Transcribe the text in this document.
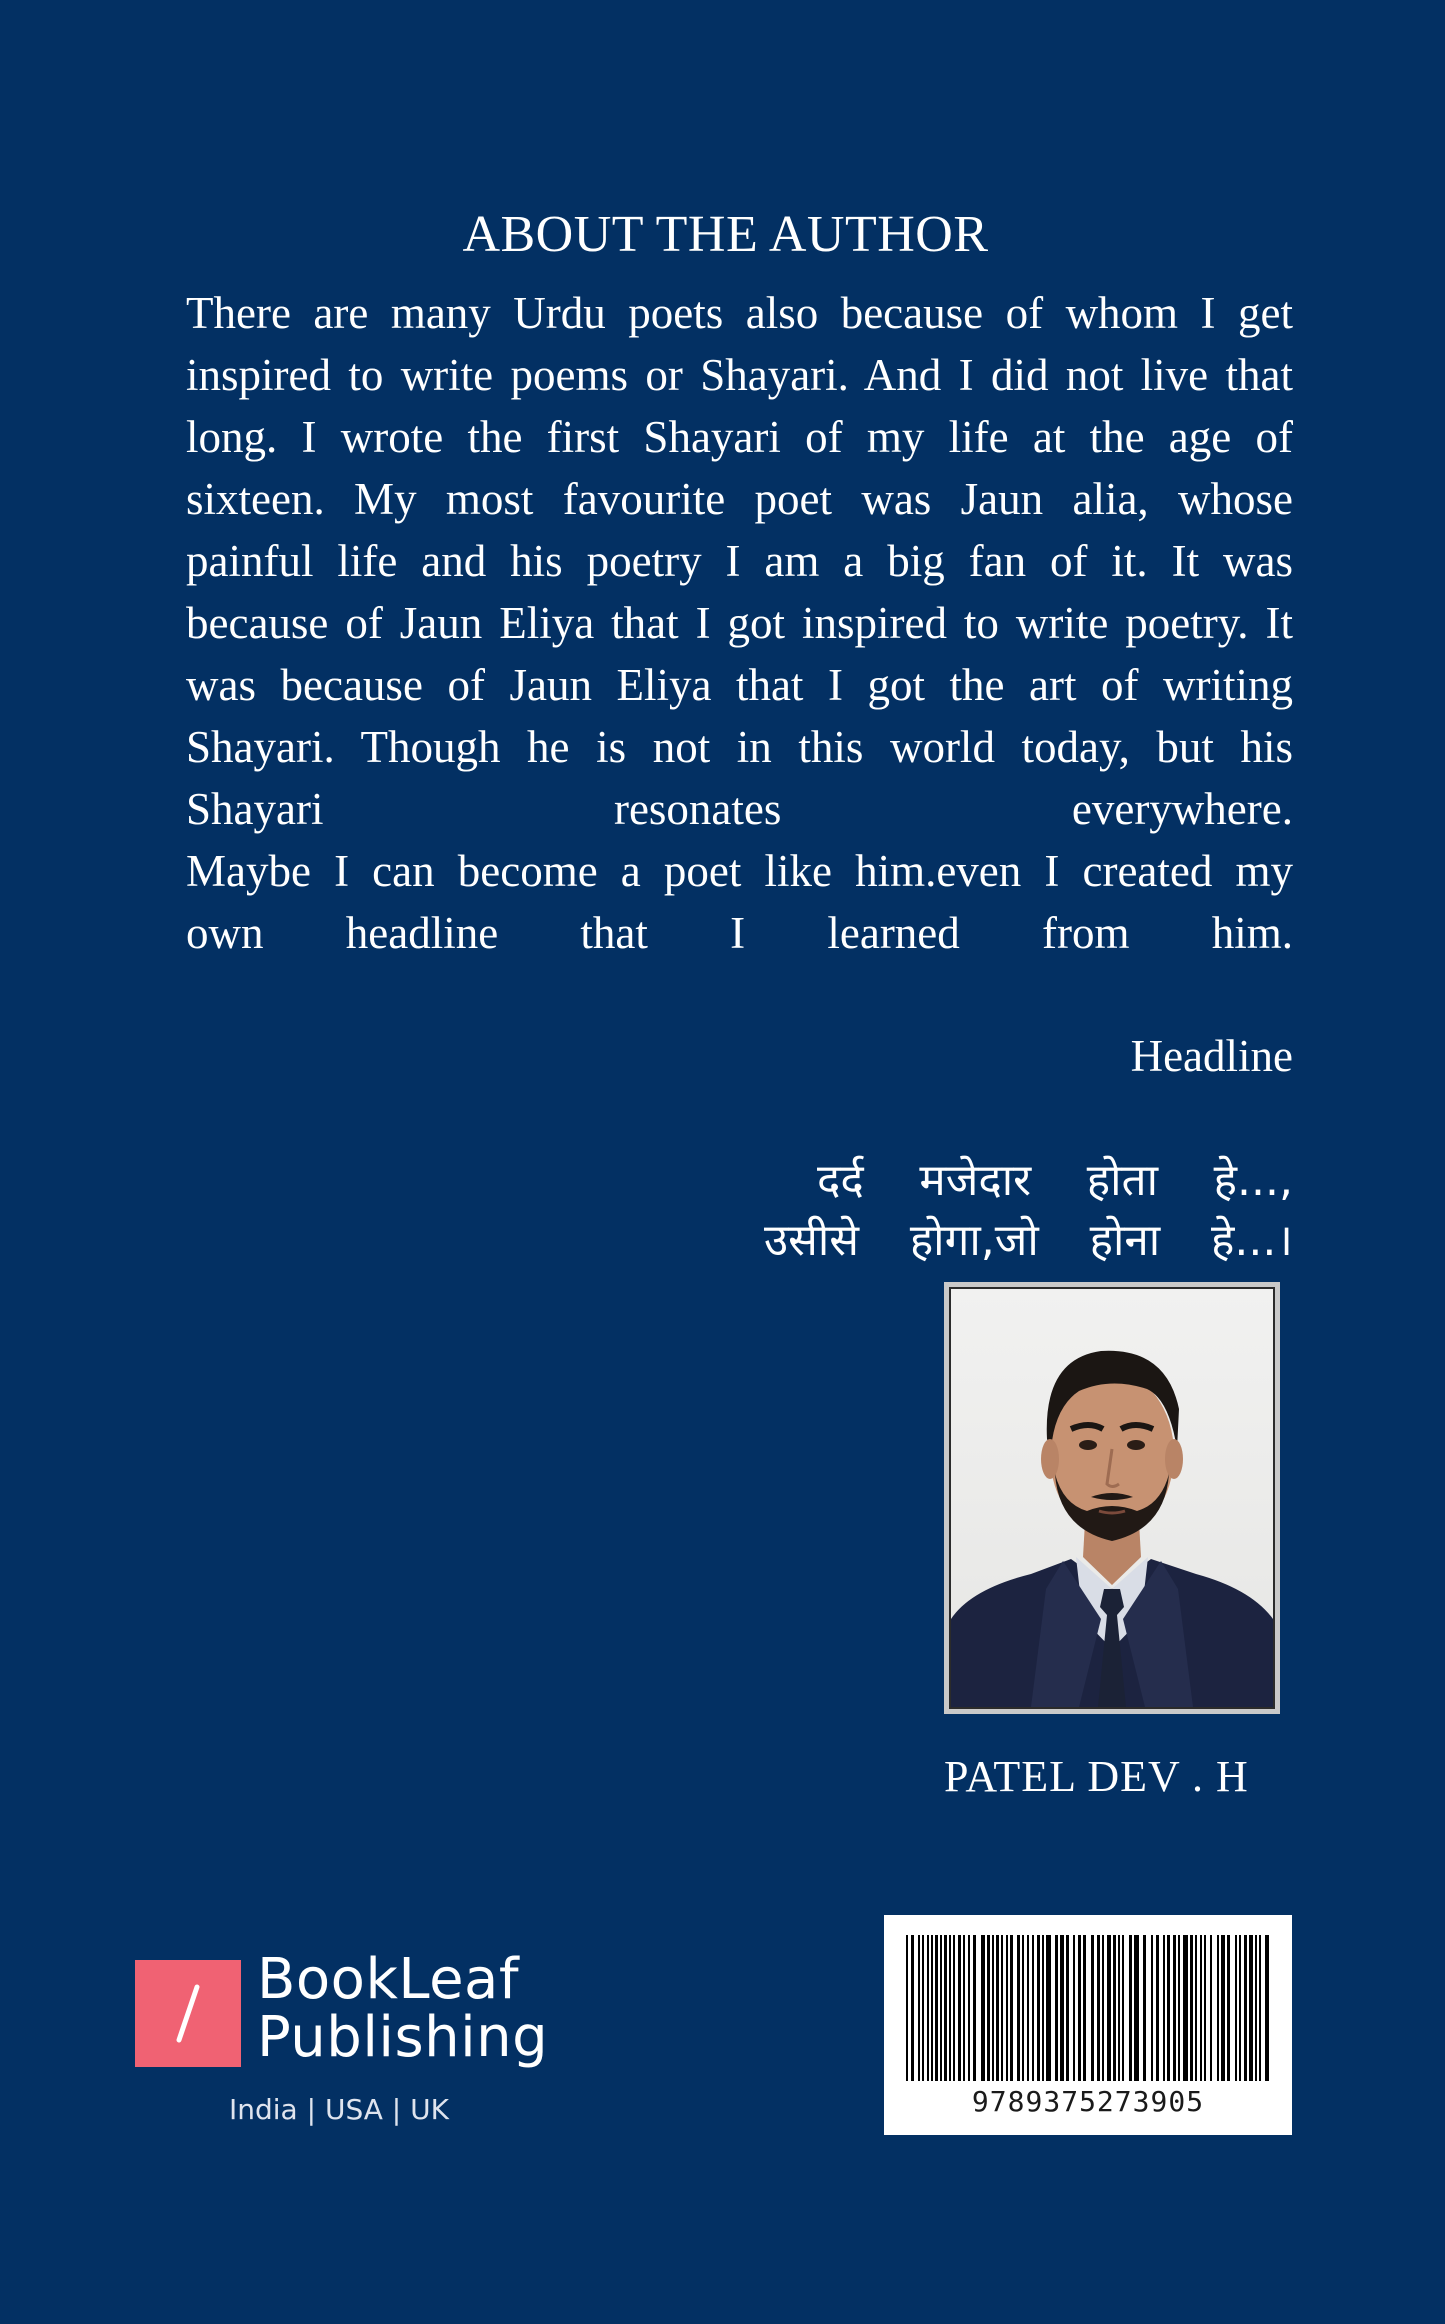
ABOUT THE AUTHOR
There are many Urdu poets also because of whom I get
inspired to write poems or Shayari. And I did not live that
long. I wrote the first Shayari of my life at the age of
sixteen. My most favourite poet was Jaun alia, whose
painful life and his poetry I am a big fan of it. It was
because of Jaun Eliya that I got inspired to write poetry. It
was because of Jaun Eliya that I got the art of writing
Shayari. Though he is not in this world today, but his
Shayari resonates everywhere.
Maybe I can become a poet like him.even I created my
own headline that I learned from him.
Headline
दर्द मजेदार होता हे...,
उसीसे होगा,जो होना हे...।
PATEL DEV . H
BookLeaf
Publishing
India | USA | UK	9789375273905
